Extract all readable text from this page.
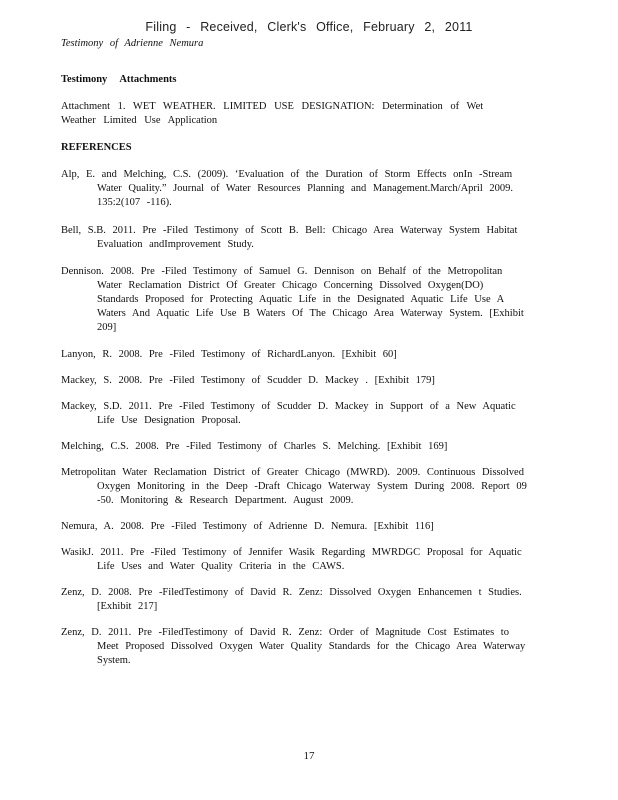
Filing - Received, Clerk's Office, February 2, 2011
Testimony of Adrienne Nemura
Testimony Attachments
Attachment 1. WET WEATHER. LIMITED USE DESIGNATION: Determination of Wet Weather Limited Use Application
REFERENCES
Alp, E. and Melching, C.S. (2009). ‘Evaluation of the Duration of Storm Effects onIn -Stream Water Quality.” Journal of Water Resources Planning and Management.March/April 2009. 135:2(107 -116).
Bell, S.B. 2011. Pre -Filed Testimony of Scott B. Bell: Chicago Area Waterway System Habitat Evaluation andImprovement Study.
Dennison. 2008. Pre -Filed Testimony of Samuel G. Dennison on Behalf of the Metropolitan Water Reclamation District Of Greater Chicago Concerning Dissolved Oxygen(DO) Standards Proposed for Protecting Aquatic Life in the Designated Aquatic Life Use A Waters And Aquatic Life Use B Waters Of The Chicago Area Waterway System. [Exhibit 209]
Lanyon, R. 2008. Pre -Filed Testimony of RichardLanyon. [Exhibit 60]
Mackey, S. 2008. Pre -Filed Testimony of Scudder D. Mackey . [Exhibit 179]
Mackey, S.D. 2011. Pre -Filed Testimony of Scudder D. Mackey in Support of a New Aquatic Life Use Designation Proposal.
Melching, C.S. 2008. Pre -Filed Testimony of Charles S. Melching. [Exhibit 169]
Metropolitan Water Reclamation District of Greater Chicago (MWRD). 2009. Continuous Dissolved Oxygen Monitoring in the Deep -Draft Chicago Waterway System During 2008. Report 09 -50. Monitoring & Research Department. August 2009.
Nemura, A. 2008. Pre -Filed Testimony of Adrienne D. Nemura. [Exhibit 116]
WasikJ. 2011. Pre -Filed Testimony of Jennifer Wasik Regarding MWRDGC Proposal for Aquatic Life Uses and Water Quality Criteria in the CAWS.
Zenz, D. 2008. Pre -FiledTestimony of David R. Zenz: Dissolved Oxygen Enhancemen t Studies. [Exhibit 217]
Zenz, D. 2011. Pre -FiledTestimony of David R. Zenz: Order of Magnitude Cost Estimates to Meet Proposed Dissolved Oxygen Water Quality Standards for the Chicago Area Waterway System.
17
